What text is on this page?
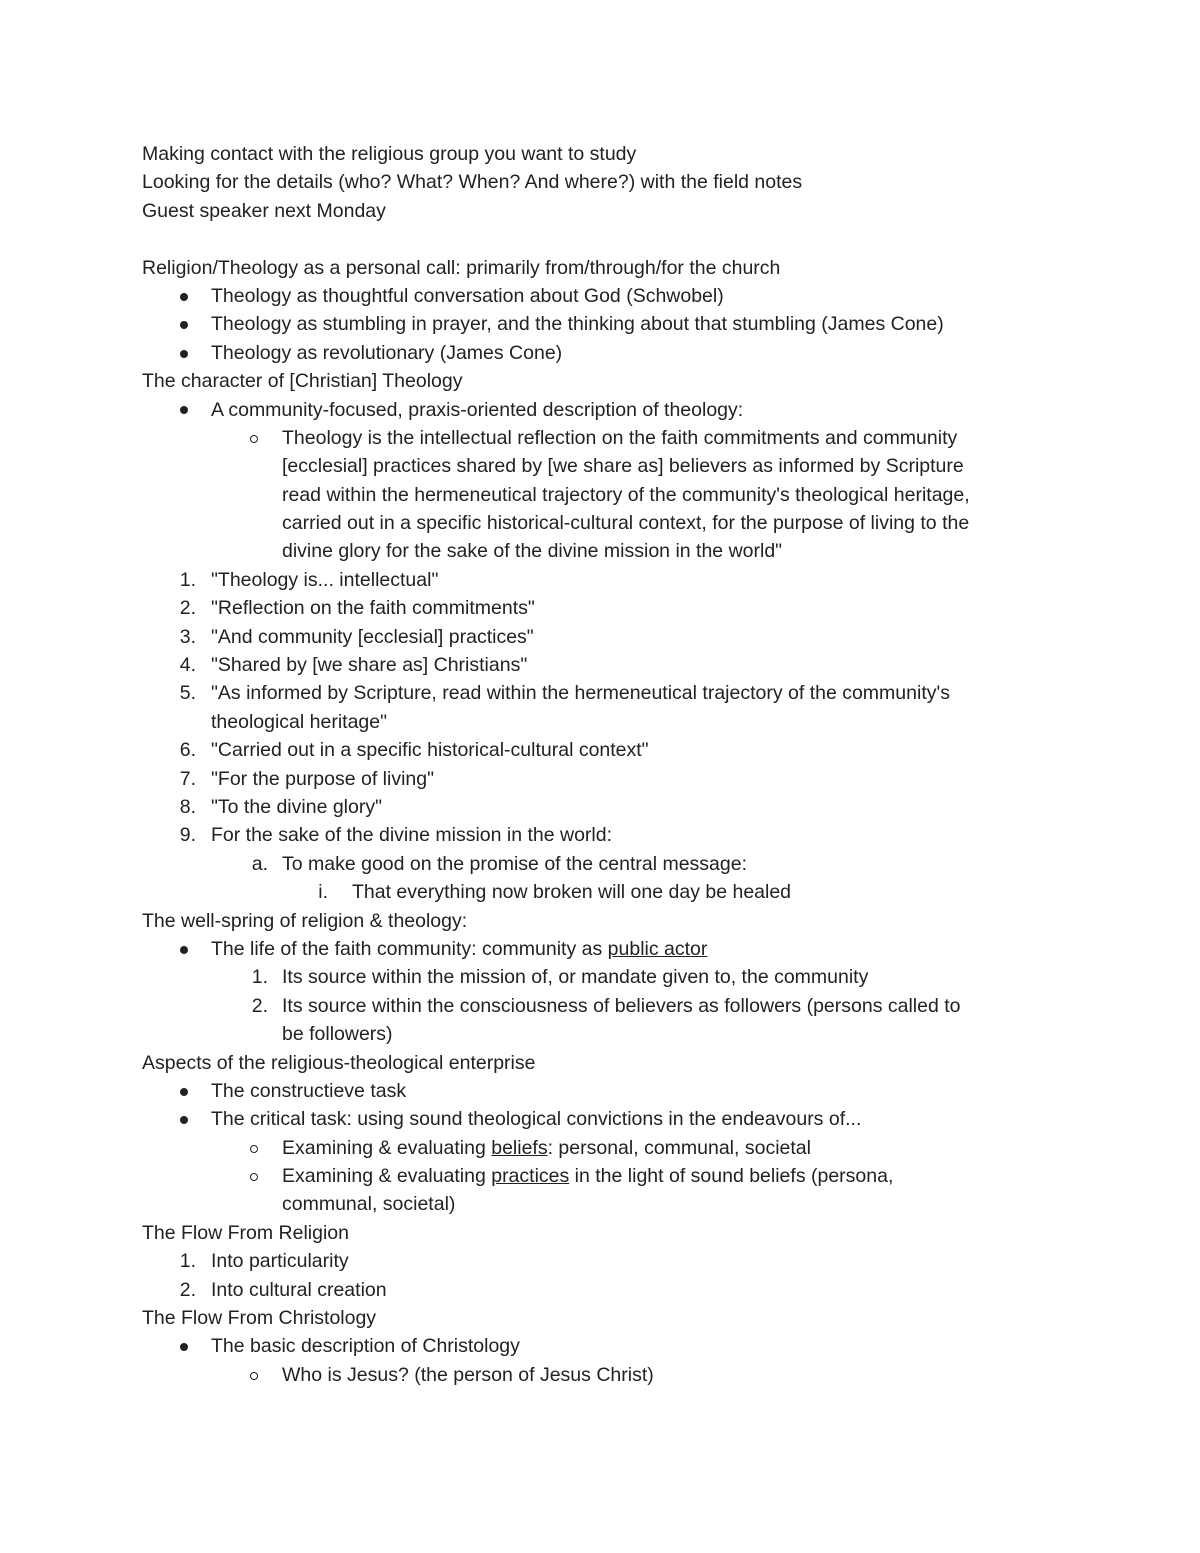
Making contact with the religious group you want to study
Looking for the details (who? What? When? And where?) with the field notes
Guest speaker next Monday
Religion/Theology as a personal call: primarily from/through/for the church
Theology as thoughtful conversation about God (Schwobel)
Theology as stumbling in prayer, and the thinking about that stumbling (James Cone)
Theology as revolutionary (James Cone)
The character of [Christian] Theology
A community-focused, praxis-oriented description of theology:
Theology is the intellectual reflection on the faith commitments and community
[ecclesial] practices shared by [we share as] believers as informed by Scripture
read within the hermeneutical trajectory of the community's theological heritage,
carried out in a specific historical-cultural context, for the purpose of living to the
divine glory for the sake of the divine mission in the world"
1. "Theology is... intellectual"
2. "Reflection on the faith commitments"
3. "And community [ecclesial] practices"
4. "Shared by [we share as] Christians"
5. "As informed by Scripture, read within the hermeneutical trajectory of the community's
theological heritage"
6. "Carried out in a specific historical-cultural context"
7. "For the purpose of living"
8. "To the divine glory"
9. For the sake of the divine mission in the world:
a. To make good on the promise of the central message:
i. That everything now broken will one day be healed
The well-spring of religion & theology:
The life of the faith community: community as public actor
1. Its source within the mission of, or mandate given to, the community
2. Its source within the consciousness of believers as followers (persons called to
be followers)
Aspects of the religious-theological enterprise
The constructieve task
The critical task: using sound theological convictions in the endeavours of...
Examining & evaluating beliefs: personal, communal, societal
Examining & evaluating practices in the light of sound beliefs (persona,
communal, societal)
The Flow From Religion
1. Into particularity
2. Into cultural creation
The Flow From Christology
The basic description of Christology
Who is Jesus? (the person of Jesus Christ)
